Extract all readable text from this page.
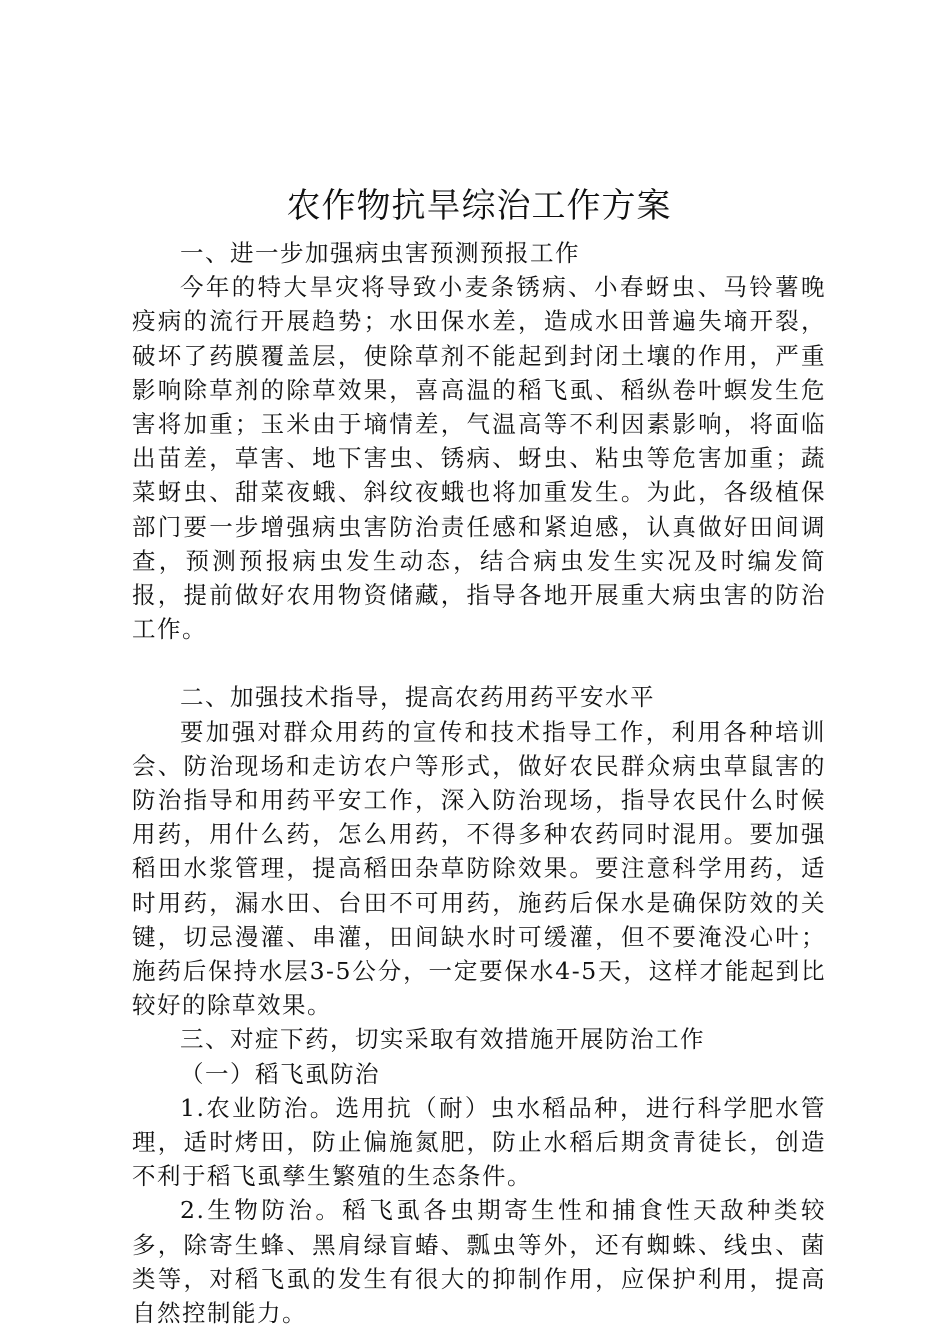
农作物抗旱综治工作方案

一、进一步加强病虫害预测预报工作

今年的特大旱灾将导致小麦条锈病、小春蚜虫、马铃薯晚疫病的流行开展趋势；水田保水差，造成水田普遍失墒开裂，破坏了药膜覆盖层，使除草剂不能起到封闭土壤的作用，严重影响除草剂的除草效果，喜高温的稻飞虱、稻纵卷叶螟发生危害将加重；玉米由于墒情差，气温高等不利因素影响，将面临出苗差，草害、地下害虫、锈病、蚜虫、粘虫等危害加重；蔬菜蚜虫、甜菜夜蛾、斜纹夜蛾也将加重发生。为此，各级植保部门要一步增强病虫害防治责任感和紧迫感，认真做好田间调查，预测预报病虫发生动态，结合病虫发生实况及时编发简报，提前做好农用物资储藏，指导各地开展重大病虫害的防治工作。

二、加强技术指导，提高农药用药平安水平

要加强对群众用药的宣传和技术指导工作，利用各种培训会、防治现场和走访农户等形式，做好农民群众病虫草鼠害的防治指导和用药平安工作，深入防治现场，指导农民什么时候用药，用什么药，怎么用药，不得多种农药同时混用。要加强稻田水浆管理，提高稻田杂草防除效果。要注意科学用药，适时用药，漏水田、台田不可用药，施药后保水是确保防效的关键，切忌漫灌、串灌，田间缺水时可缓灌，但不要淹没心叶；施药后保持水层3-5公分，一定要保水4-5天，这样才能起到比较好的除草效果。

三、对症下药，切实采取有效措施开展防治工作

（一）稻飞虱防治

1.农业防治。选用抗（耐）虫水稻品种，进行科学肥水管理，适时烤田，防止偏施氮肥，防止水稻后期贪青徒长，创造不利于稻飞虱孳生繁殖的生态条件。

2.生物防治。稻飞虱各虫期寄生性和捕食性天敌种类较多，除寄生蜂、黑肩绿盲蝽、瓢虫等外，还有蜘蛛、线虫、菌类等，对稻飞虱的发生有很大的抑制作用，应保护利用，提高自然控制能力。
